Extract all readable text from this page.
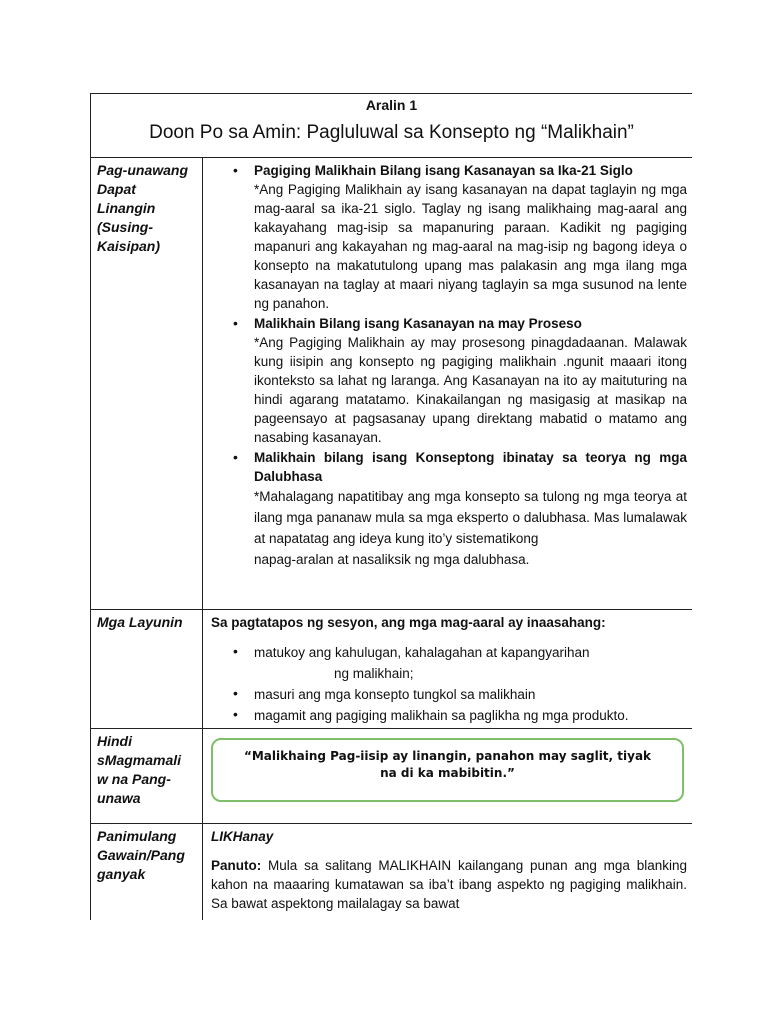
Aralin 1
Doon Po sa Amin: Pagluluwal sa Konsepto ng “Malikhain”
Pag-unawang
Dapat
Linangin
(Susing-
Kaisipan)
• Pagiging Malikhain Bilang isang Kasanayan sa Ika-21 Siglo
*Ang Pagiging Malikhain ay isang kasanayan na dapat taglayin ng mga mag-aaral sa ika-21 siglo. Taglay ng isang malikhaing mag-aaral ang kakayahang mag-isip sa mapanuring paraan. Kadikit ng pagiging mapanuri ang kakayahan ng mag-aaral na mag-isip ng bagong ideya o konsepto na makatutulong upang mas palakasin ang mga ilang mga kasanayan na taglay at maari niyang taglayin sa mga susunod na lente ng panahon.
• Malikhain Bilang isang Kasanayan na may Proseso
*Ang Pagiging Malikhain ay may prosesong pinagdadaanan. Malawak kung iisipin ang konsepto ng pagiging malikhain .ngunit maaari itong ikonteksto sa lahat ng laranga. Ang Kasanayan na ito ay maituturing na hindi agarang matatamo. Kinakailangan ng masigasig at masikap na pageensayo at pagsasanay upang direktang mabatid o matamo ang nasabing kasanayan.
• Malikhain bilang isang Konseptong ibinatay sa teorya ng mga Dalubhasa
*Mahalagang napatitibay ang mga konsepto sa tulong ng mga teorya at ilang mga pananaw mula sa mga eksperto o dalubhasa. Mas lumalawak at napatatag ang ideya kung ito’y sistematikong
napag-aralan at nasaliksik ng mga dalubhasa.
Mga Layunin	Sa pagtatapos ng sesyon, ang mga mag-aaral ay inaasahang:
• matukoy ang kahulugan, kahalagahan at kapangyarihan
ng malikhain;
• masuri ang mga konsepto tungkol sa malikhain
• magamit ang pagiging malikhain sa paglikha ng mga produkto.
Hindi
sMagmamali
w na Pang-
unawa
“Malikhaing Pag-iisip ay linangin, panahon may saglit, tiyak na di ka mabibitin.”
Panimulang
Gawain/Pang
ganyak
LIKHanay
Panuto: Mula sa salitang MALIKHAIN kailangang punan ang mga blanking kahon na maaaring kumatawan sa iba’t ibang aspekto ng pagiging malikhain. Sa bawat aspektong mailalagay sa bawat
